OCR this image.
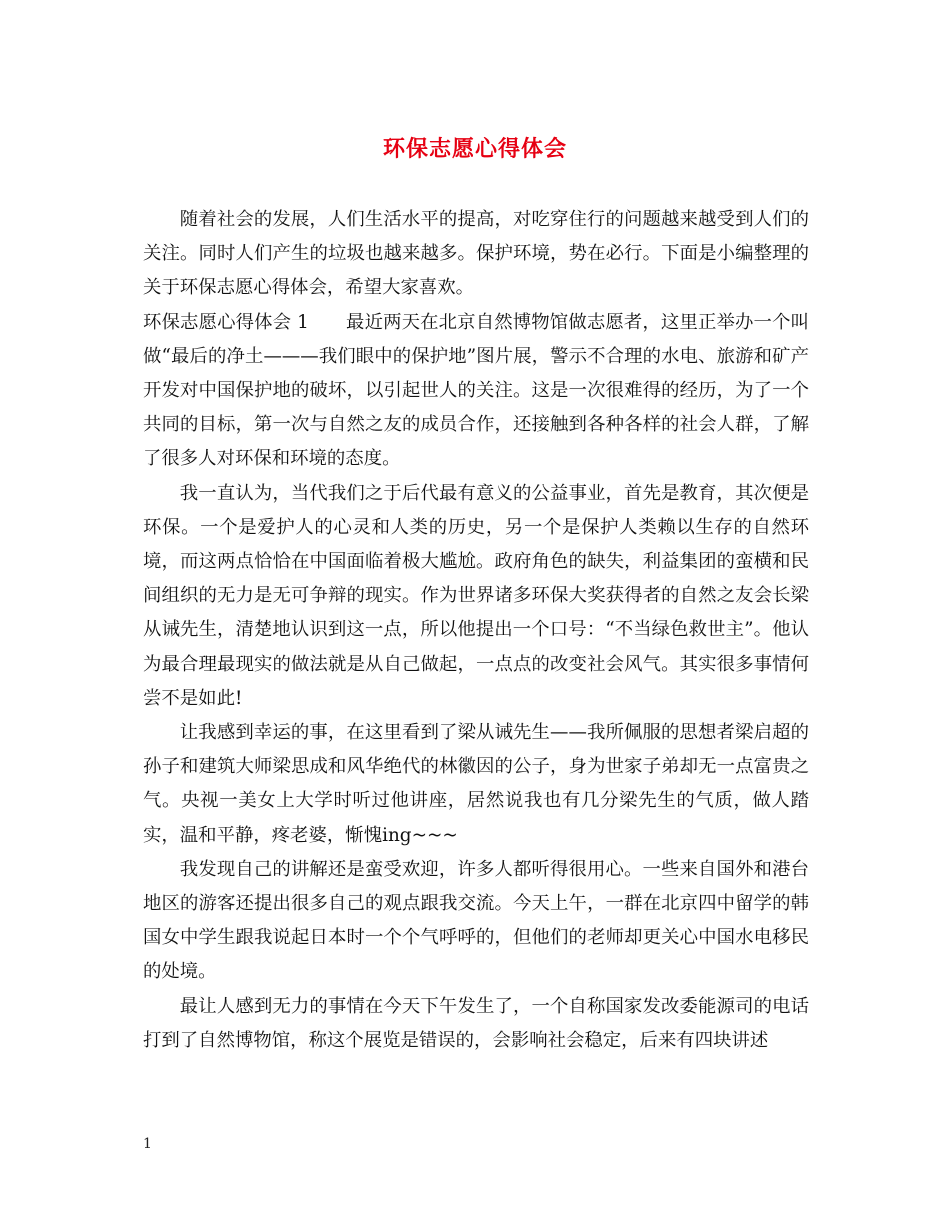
环保志愿心得体会

随着社会的发展，人们生活水平的提高，对吃穿住行的问题越来越受到人们的关注。同时人们产生的垃圾也越来越多。保护环境，势在必行。下面是小编整理的关于环保志愿心得体会，希望大家喜欢。

环保志愿心得体会 1　　最近两天在北京自然博物馆做志愿者，这里正举办一个叫做“最后的净土———我们眼中的保护地”图片展，警示不合理的水电、旅游和矿产开发对中国保护地的破坏，以引起世人的关注。这是一次很难得的经历，为了一个共同的目标，第一次与自然之友的成员合作，还接触到各种各样的社会人群，了解了很多人对环保和环境的态度。

我一直认为，当代我们之于后代最有意义的公益事业，首先是教育，其次便是环保。一个是爱护人的心灵和人类的历史，另一个是保护人类赖以生存的自然环境，而这两点恰恰在中国面临着极大尴尬。政府角色的缺失，利益集团的蛮横和民间组织的无力是无可争辩的现实。作为世界诸多环保大奖获得者的自然之友会长梁从诫先生，清楚地认识到这一点，所以他提出一个口号：“不当绿色救世主”。他认为最合理最现实的做法就是从自己做起，一点点的改变社会风气。其实很多事情何尝不是如此!

让我感到幸运的事，在这里看到了梁从诫先生——我所佩服的思想者梁启超的孙子和建筑大师梁思成和风华绝代的林徽因的公子，身为世家子弟却无一点富贵之气。央视一美女上大学时听过他讲座，居然说我也有几分梁先生的气质，做人踏实，温和平静，疼老婆，惭愧ing~~~

我发现自己的讲解还是蛮受欢迎，许多人都听得很用心。一些来自国外和港台地区的游客还提出很多自己的观点跟我交流。今天上午，一群在北京四中留学的韩国女中学生跟我说起日本时一个个气呼呼的，但他们的老师却更关心中国水电移民的处境。

最让人感到无力的事情在今天下午发生了，一个自称国家发改委能源司的电话打到了自然博物馆，称这个展览是错误的，会影响社会稳定，后来有四块讲述

1
